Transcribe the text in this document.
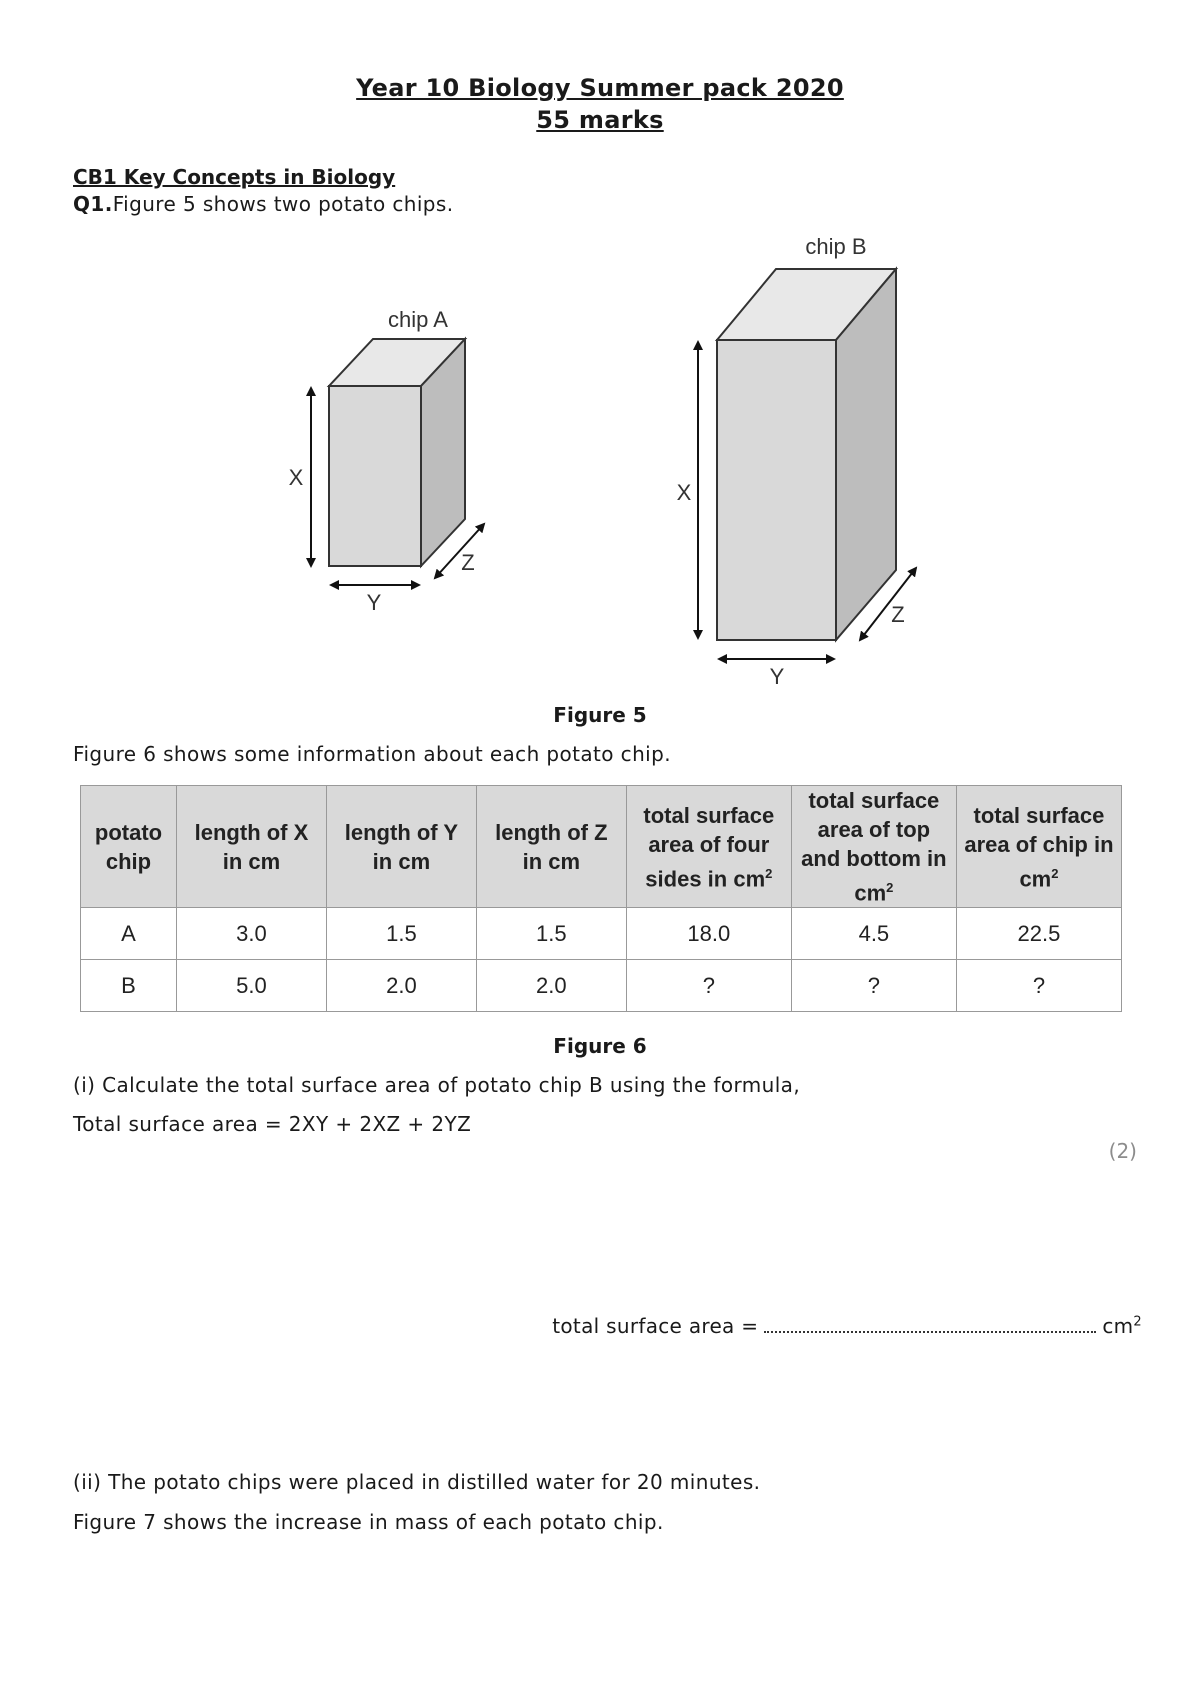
Year 10 Biology Summer pack 2020
55 marks
CB1 Key Concepts in Biology
Q1.Figure 5 shows two potato chips.
chip A
X
Y
Z
chip B
X
Y
Z
Figure 5
Figure 6 shows some information about each potato chip.
potato chip	length of X in cm	length of Y in cm	length of Z in cm	total surface area of four sides in $cm^2$	total surface area of top and bottom in $cm^2$	total surface area of chip in $cm^2$
A	3.0	1.5	1.5	18.0	4.5	22.5
B	5.0	2.0	2.0	?	?	?
Figure 6
(i) Calculate the total surface area of potato chip B using the formula,
Total surface area = 2XY + 2XZ + 2YZ
(2)
total surface area =	$cm^2$
(ii) The potato chips were placed in distilled water for 20 minutes.
Figure 7 shows the increase in mass of each potato chip.
